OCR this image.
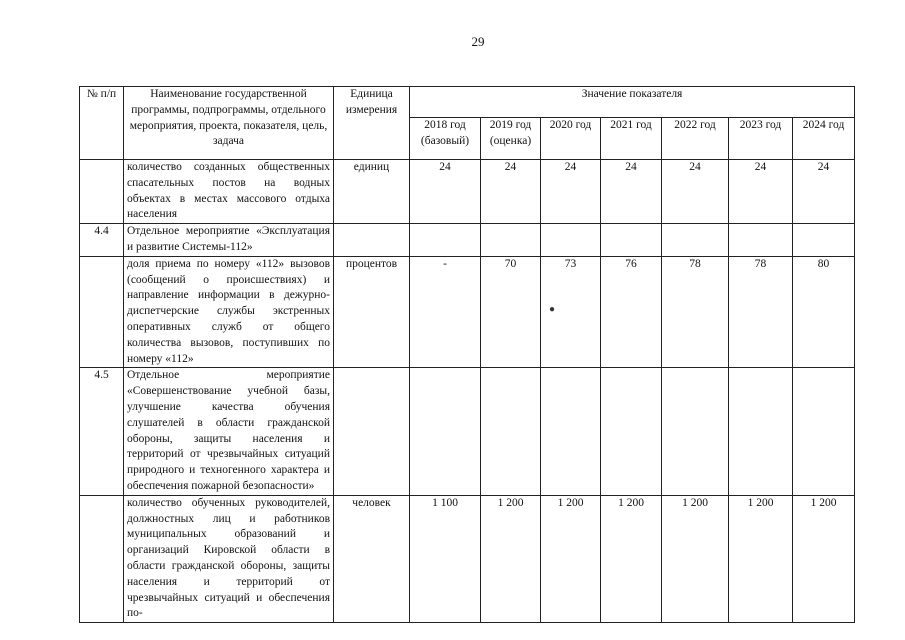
29
№ п/п	Наименование государственной программы, подпрограммы, отдельного мероприятия, проекта, показателя, цель, задача	Единица измерения	Значение показателя						
			2018 год (базовый)	2019 год (оценка)	2020 год	2021 год	2022 год	2023 год	2024 год
	количество созданных общественных спасательных постов на водных объектах в местах массового отдыха населения	единиц	24	24	24	24	24	24	24
4.4	Отдельное мероприятие «Эксплуатация и развитие Системы-112»								
	доля приема по номеру «112» вызовов (сообщений о происшествиях) и направление информации в дежурно-диспетчерские службы экстренных оперативных служб от общего количества вызовов, поступивших по номеру «112»	процентов	-	70	73	76	78	78	80
4.5	Отдельное мероприятие «Совершенствование учебной базы, улучшение качества обучения слушателей в области гражданской обороны, защиты населения и территорий от чрезвычайных ситуаций природного и техногенного характера и обеспечения пожарной безопасности»								
	количество обученных руководителей, должностных лиц и работников муниципальных образований и организаций Кировской области в области гражданской обороны, защиты населения и территорий от чрезвычайных ситуаций и обеспечения по-	человек	1 100	1 200	1 200	1 200	1 200	1 200	1 200
●
